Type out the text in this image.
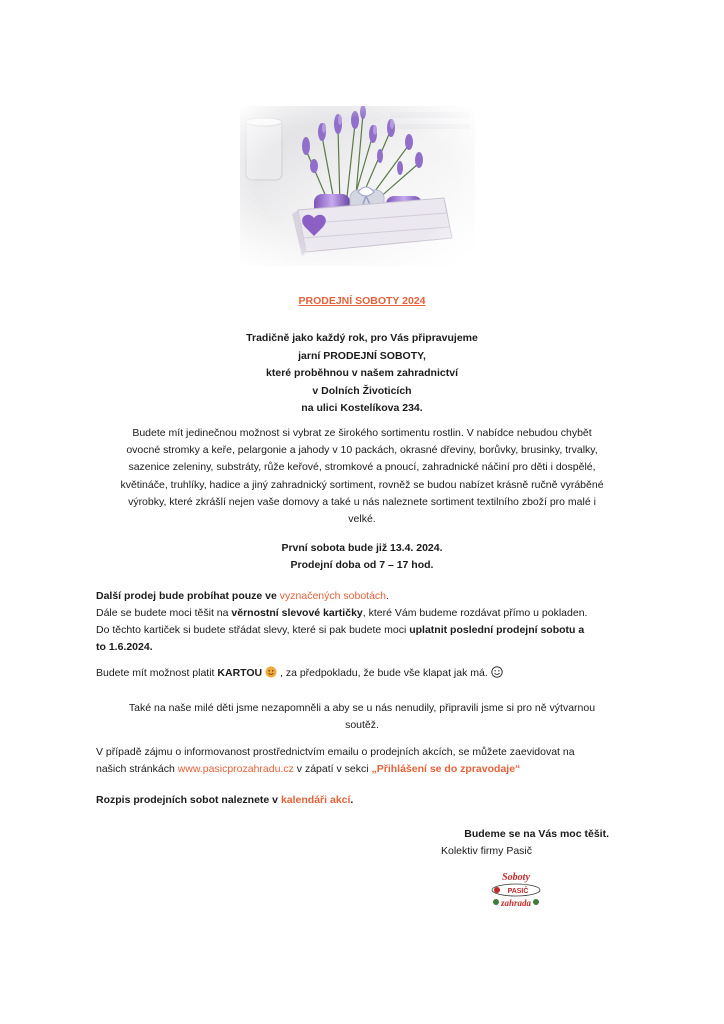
PRODEJNÍ SOBOTY 2024
Tradičně jako každý rok, pro Vás připravujeme
jarní PRODEJNÍ SOBOTY,
které proběhnou v našem zahradnictví
v Dolních Životicích
na ulici Kostelíkova 234.
Budete mít jedinečnou možnost si vybrat ze širokého sortimentu rostlin. V nabídce nebudou chybět
ovocné stromky a keře, pelargonie a jahody v 10 packách, okrasné dřeviny, borůvky, brusinky, trvalky,
sazenice zeleniny, substráty, růže keřové, stromkové a pnoucí, zahradnické náčiní pro děti i dospělé,
květináče, truhlíky, hadice a jiný zahradnický sortiment, rovněž se budou nabízet krásně ručně vyráběné
výrobky, které zkrášlí nejen vaše domovy a také u nás naleznete sortiment textilního zboží pro malé i
velké.
První sobota bude již 13.4. 2024.
Prodejní doba od 7 – 17 hod.
Další prodej bude probíhat pouze ve vyznačených sobotách.
Dále se budete moci těšit na věrnostní slevové kartičky, které Vám budeme rozdávat přímo u pokladen.
Do těchto kartiček si budete střádat slevy, které si pak budete moci uplatnit poslední prodejní sobotu a
to 1.6.2024.
Budete mít možnost platit KARTOU  , za předpokladu, že bude vše klapat jak má.
Také na naše milé děti jsme nezapomněli a aby se u nás nenudily, připravili jsme si pro ně výtvarnou
soutěž.
V případě zájmu o informovanost prostřednictvím emailu o prodejních akcích, se můžete zaevidovat na
našich stránkách www.pasicprozahradu.cz v zápatí v sekci „Přihlášení se do zpravodaje“
Rozpis prodejních sobot naleznete v kalendáři akcí.
Budeme se na Vás moc těšit.
Kolektiv firmy Pasič
Soboty
PASIČ
zahrada
